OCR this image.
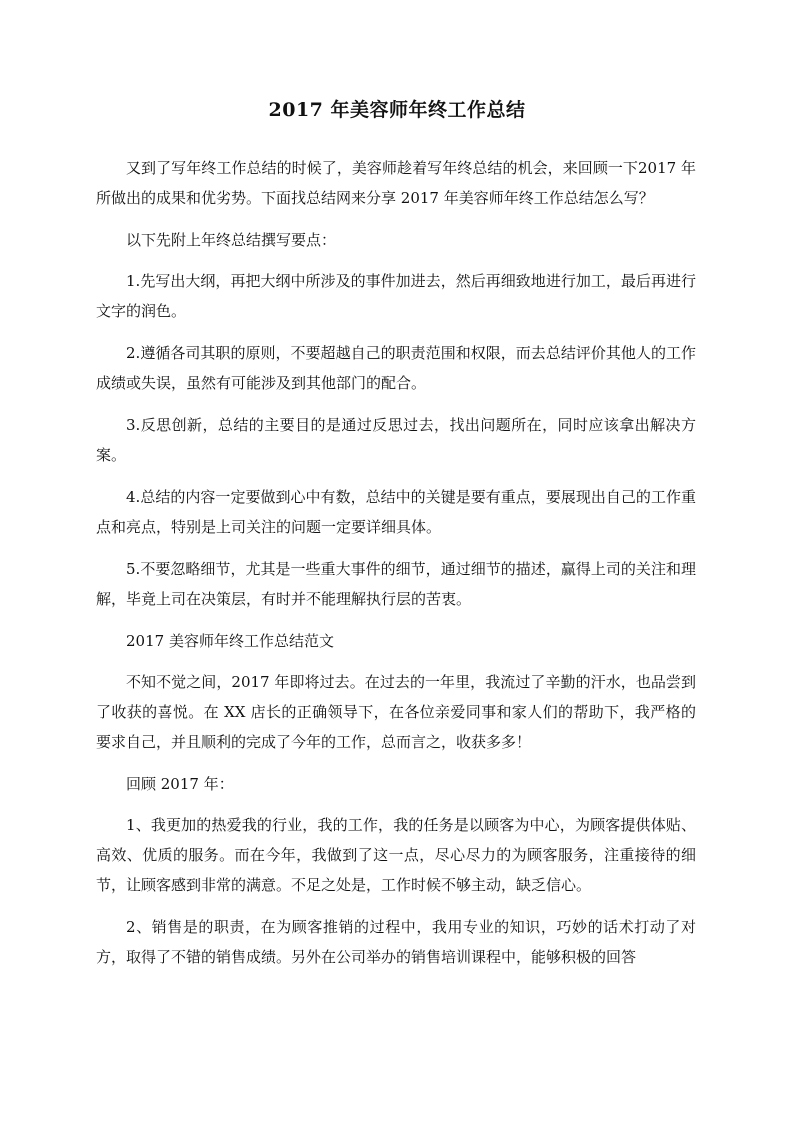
2017 年美容师年终工作总结

又到了写年终工作总结的时候了，美容师趁着写年终总结的机会，来回顾一下2017 年所做出的成果和优劣势。下面找总结网来分享 2017 年美容师年终工作总结怎么写？

以下先附上年终总结撰写要点：

1.先写出大纲，再把大纲中所涉及的事件加进去，然后再细致地进行加工，最后再进行文字的润色。

2.遵循各司其职的原则，不要超越自己的职责范围和权限，而去总结评价其他人的工作成绩或失误，虽然有可能涉及到其他部门的配合。

3.反思创新，总结的主要目的是通过反思过去，找出问题所在，同时应该拿出解决方案。

4.总结的内容一定要做到心中有数，总结中的关键是要有重点，要展现出自己的工作重点和亮点，特别是上司关注的问题一定要详细具体。

5.不要忽略细节，尤其是一些重大事件的细节，通过细节的描述，赢得上司的关注和理解，毕竟上司在决策层，有时并不能理解执行层的苦衷。

2017 美容师年终工作总结范文

不知不觉之间，2017 年即将过去。在过去的一年里，我流过了辛勤的汗水，也品尝到了收获的喜悦。在 XX 店长的正确领导下，在各位亲爱同事和家人们的帮助下，我严格的要求自己，并且顺利的完成了今年的工作，总而言之，收获多多！

回顾 2017 年：

1、我更加的热爱我的行业，我的工作，我的任务是以顾客为中心，为顾客提供体贴、高效、优质的服务。而在今年，我做到了这一点，尽心尽力的为顾客服务，注重接待的细节，让顾客感到非常的满意。不足之处是，工作时候不够主动，缺乏信心。

2、销售是的职责，在为顾客推销的过程中，我用专业的知识，巧妙的话术打动了对方，取得了不错的销售成绩。另外在公司举办的销售培训课程中，能够积极的回答
